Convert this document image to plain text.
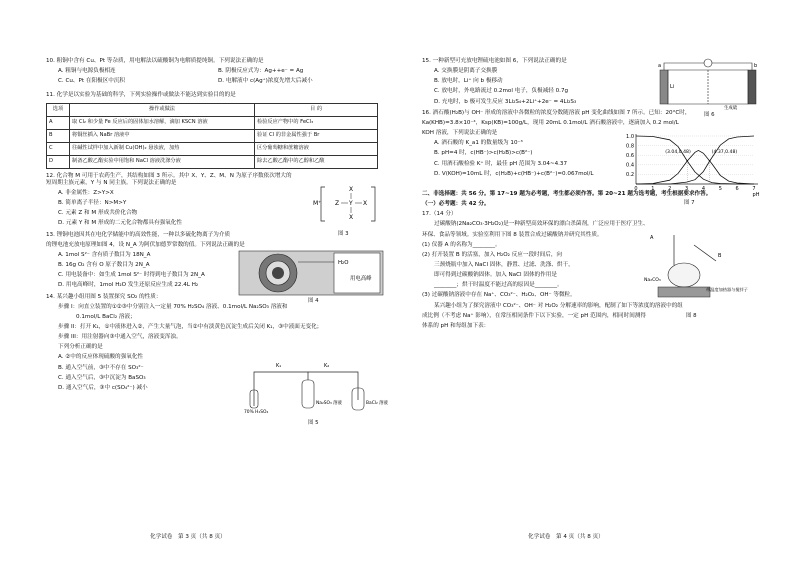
10. 粗铜中含有 Cu、Pt 等杂质，用电解法以硫酸铜为电解质提纯铜。下列说法正确的是
A. 粗铜与电源负极相连	B. 阴极反应式为：Ag++e⁻ = Ag
C. Cu、Pt 在阳极区中沉积	D. 电解液中 c(Ag⁺)浓度先增大后减小
11. 化学是以实验为基础的科学，下列实验操作或做法不能达到实验目的的是
选项	操作或做法	目 的
A	取 Cl₂ 和少量 Fe 反应后的固体加水溶解，滴加 KSCN 溶液	检验反应产物中的 FeCl₃
B	将铜丝插入 NaBr 溶液中	验证 Cl 的非金属性强于 Br
C	往碱性试样中加入新制 Cu(OH)₂ 悬浊液，加热	区分葡萄糖和蔗糖溶液
D	制备乙酸乙酯实验中用饱和 NaCl 溶液洗涤分液	除去乙酸乙酯中的乙醇和乙酸
12. 化合物 M 可用于农药生产，其结构如图 3 所示。其中 X、Y、Z、M、N 为原子序数依次增大的短周期主族元素，Y 与 N 同主族。下列说法正确的是
A. 非金属性：Z>Y>X
B. 简单离子半径：N>M>Y
C. 元素 Z 和 M 形成共价化合物
D. 元素 Y 和 M 形成的二元化合物都具有强氧化性
M⁺ Z Y X
X
X
图 3
13. 锂铜电池因其在电化学储能中的高效性能，一种以多硫化物离子为介质
的锂电池充放电原理如图 4，设 N_A 为阿伏加德罗常数的值。下列说法正确的是
A. 1mol S²⁻ 含有质子数目为 18N_A
B. 16g O₂ 含有 O 原子数目为 2N_A
C. 用电装备中：如生成 1mol S²⁻ 时得到电子数目为 2N_A
D. 用电高峰时，1mol H₂O 发生还原反应生成 22.4L H₂
H₂O
用电高峰
图 4
14. 某兴趣小组用图 5 装置探究 SO₂ 的性质：
步骤 I：向直立装置的①②③中分别注入一定量 70% H₂SO₄ 溶液、0.1mol/L Na₂SO₃ 溶液和
0.1mol/L BaCl₂ 溶液；
步骤 II：打开 K₁，①中液体进入②，产生大量气泡，当②中有淡黄色沉淀生成后关闭 K₁，③中液面无变化；
步骤 III：用注射器向③中通入空气，溶液变浑浊。
下列分析正确的是
A. ②中的反应体现硫酸的强氧化性
B. 通入空气前，③中不存在 SO₃²⁻
C. 通入空气后，③中沉淀为 BaSO₃
D. 通入空气后，③中 c(SO₄²⁻) 减小
K₁	K₂
70% H₂SO₄
Na₂SO₃ 溶液	BaCl₂ 溶液
图 5
化学试卷　第 3 页（共 8 页）
15. 一种新型可充放电锂硫电池如图 6，下列说法正确的是
A. 交换膜是阴离子交换膜
B. 放电时，Li⁺ 向 b 极移动
C. 放电时，外电路流过 0.2mol 电子，负极减轻 0.7g
D. 充电时，b 极可发生反应 3Li₂S₄+2Li⁺+2e⁻ = 4Li₂S₃
a	b
Li
生成硫
图 6
16. 酒石酸(H₂B)与 OH⁻ 形成的溶液中各微粒的浓度分数随溶液 pH 变化曲线如图 7 所示。已知：20°C时，
Ka(KHB)=3.8×10⁻⁴，Ksp(KB)=100g/L，现用 20mL 0.1mol/L 酒石酸溶液中，逐滴加入 0.2 mol/L
KOH 溶液，下列说法正确的是
A. 酒石酸的 K_a1 的数量级为 10⁻³
B. pH=4 时，c(HB⁻)>c(H₂B)>c(B²⁻)
C. 用酒石酸检验 K⁺ 时，最佳 pH 范围为 3.04~4.37
D. V(KOH)=10mL 时，c(H₂B)+c(HB⁻)+c(B²⁻)=0.067mol/L	0.2
0.4
0.6
0.8
1.0
0	1	2	3	4	5	6	7
pH
(3.04,0.48)	(4.37,0.48)
图 7
二、非选择题：共 56 分。第 17~19 题为必考题，考生都必须作答。第 20~21 题为选考题，考生根据要求作答。
（一）必考题：共 42 分。
17.（14 分）
过碳酸钠(2Na₂CO₃·3H₂O₂)是一种新型高效环保的漂白杀菌剂，广泛应用于医疗卫生、
环保、食品等领域。实验室利用下图 8 装置合成过碳酸钠并研究其性质。
(1) 仪器 A 的名称为________。
(2) 打开装置 B 的活塞，加入 H₂O₂ 反应一段时间后，向
三颈烧瓶中加入 NaCl 固体，静置、过滤、洗涤、烘干，
即可得到过碳酸钠固体。加入 NaCl 固体的作用是
________；烘干时温度不能过高的原因是________。
(3) 过碳酸钠溶液中存在 Na⁺、CO₃²⁻、H₂O₂、OH⁻ 等微粒。
某兴趣小组为了探究溶液中 CO₃²⁻、OH⁻ 对 H₂O₂ 分解速率的影响，配制了如下等浓度的溶液中的组
成比例（不考虑 Na⁺ 影响），在常压相同条件下以下实验，一定 pH 范围内，相同时间测得
体系的 pH 和每组加下表：
A
B
Na₂CO₃
带温度加热器与搅拌子
图 8
化学试卷　第 4 页（共 8 页）
